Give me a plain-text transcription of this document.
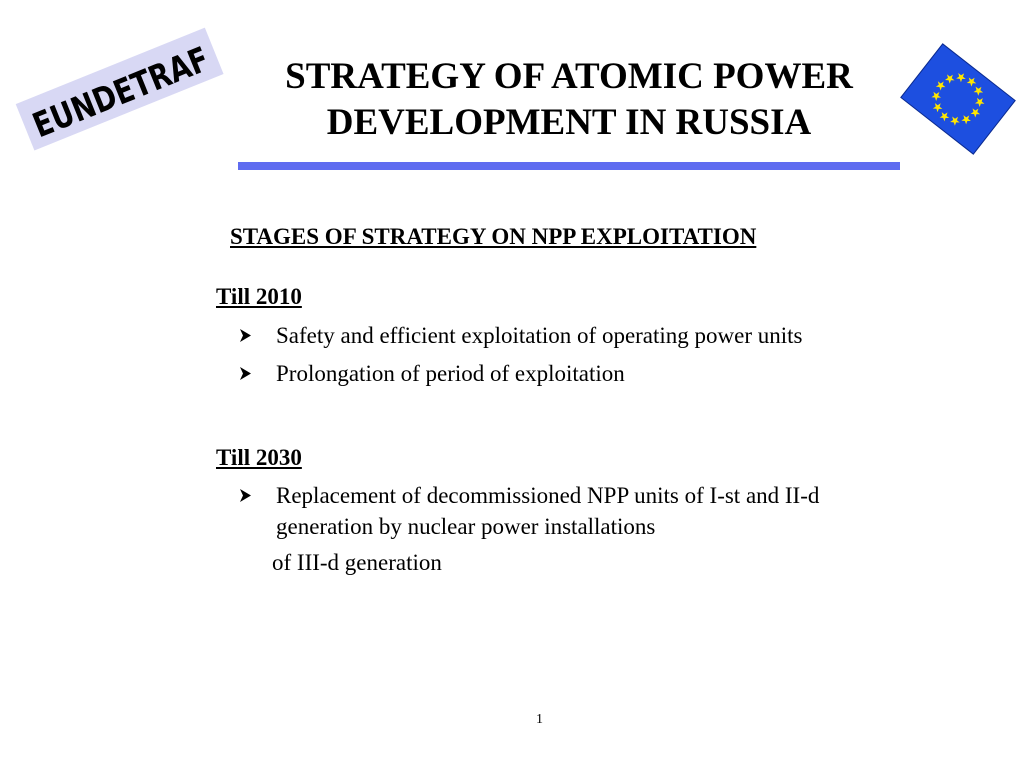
EUNDETRAF STRATEGY OF ATOMIC POWER
DEVELOPMENT IN RUSSIA
STAGES OF STRATEGY ON NPP EXPLOITATION
Till 2010
Safety and efficient exploitation of operating power units
Prolongation of period of exploitation
Till 2030
Replacement of decommissioned NPP units of I-st and II-d generation by nuclear power installations

of III-d generation

1
